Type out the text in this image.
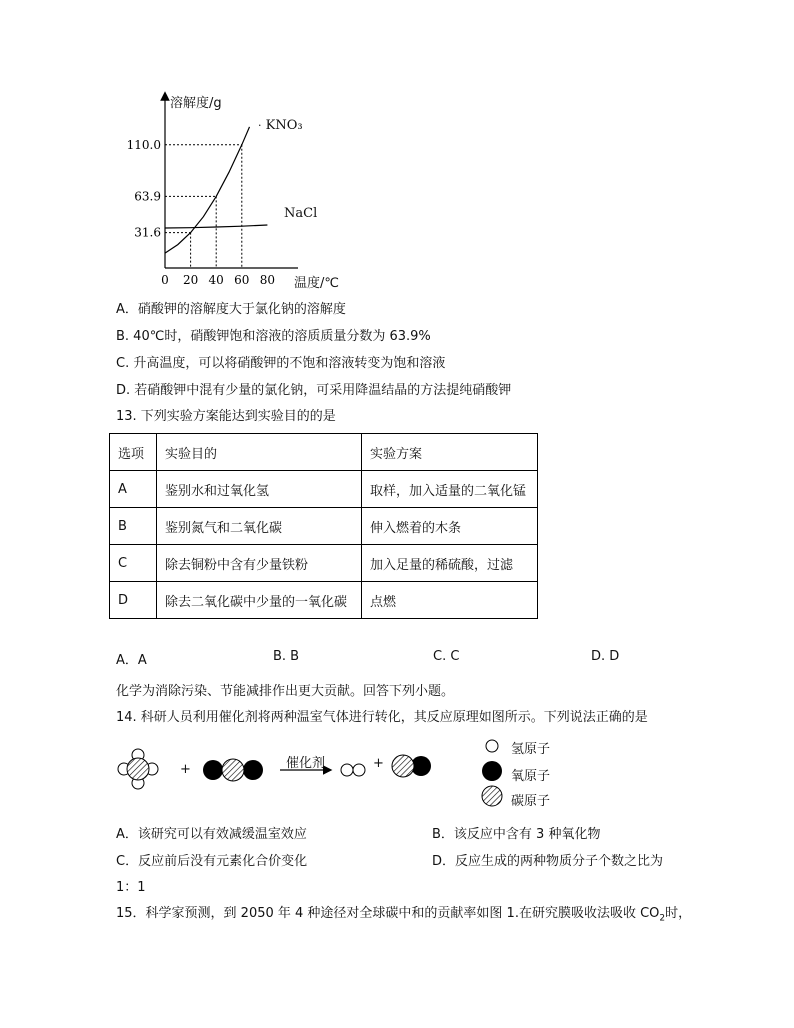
0 20 40 60 80
31.6
63.9
110.0
溶解度/g
温度/℃
· KNO₃
NaCl
A．硝酸钾的溶解度大于氯化钠的溶解度
B. 40℃时，硝酸钾饱和溶液的溶质质量分数为 63.9%
C. 升高温度，可以将硝酸钾的不饱和溶液转变为饱和溶液
D. 若硝酸钾中混有少量的氯化钠，可采用降温结晶的方法提纯硝酸钾
13. 下列实验方案能达到实验目的的是
选项	实验目的	实验方案
A	鉴别水和过氧化氢	取样，加入适量的二氧化锰
B	鉴别氮气和二氧化碳	伸入燃着的木条
C	除去铜粉中含有少量铁粉	加入足量的稀硫酸，过滤
D	除去二氧化碳中少量的一氧化碳	点燃
A．A	B. B	C. C	D. D
化学为消除污染、节能减排作出更大贡献。回答下列小题。
14. 科研人员利用催化剂将两种温室气体进行转化，其反应原理如图所示。下列说法正确的是
+	+
催化剂
氢原子
氧原子
碳原子
A．该研究可以有效减缓温室效应	B．该反应中含有 3 种氧化物
C．反应前后没有元素化合价变化	D．反应生成的两种物质分子个数之比为
1：1
15．科学家预测，到 2050 年 4 种途径对全球碳中和的贡献率如图 1.在研究膜吸收法吸收 $CO_2$时，
